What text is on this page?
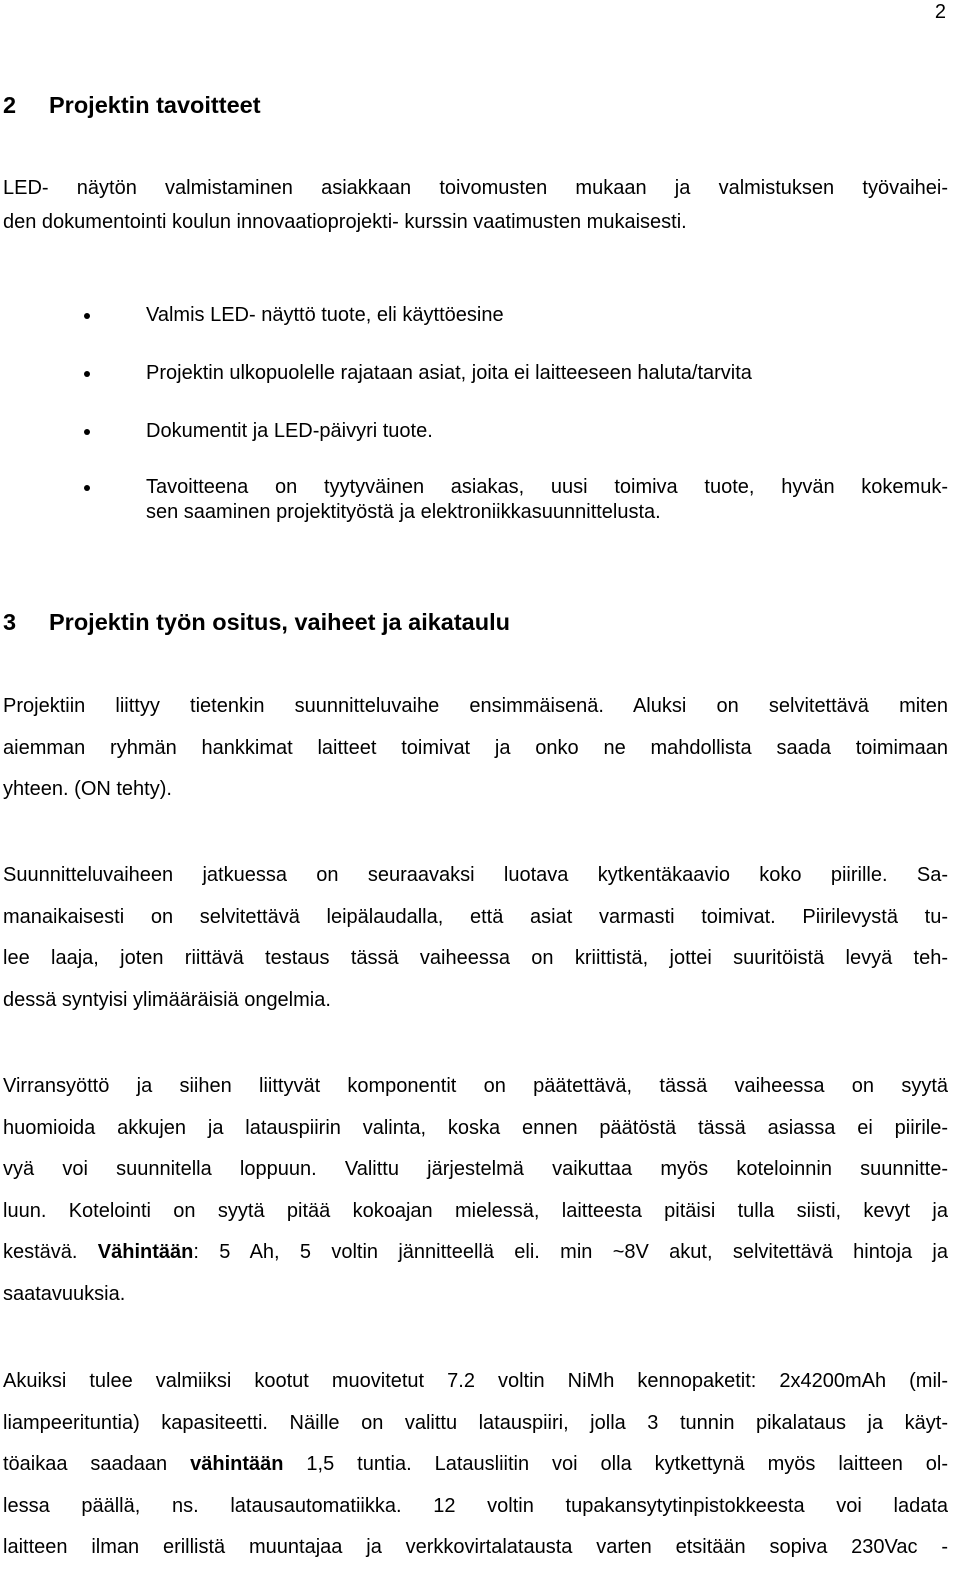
2
2 Projektin tavoitteet

LED- näytön valmistaminen asiakkaan toivomusten mukaan ja valmistuksen työvaihei-
den dokumentointi koulun innovaatioprojekti- kurssin vaatimusten mukaisesti.

Valmis LED- näyttö tuote, eli käyttöesine
Projektin ulkopuolelle rajataan asiat, joita ei laitteeseen haluta/tarvita
Dokumentit ja LED-päivyri tuote.
Tavoitteena on tyytyväinen asiakas, uusi toimiva tuote, hyvän kokemuk-
sen saaminen projektityöstä ja elektroniikkasuunnittelusta.
3 Projektin työn ositus, vaiheet ja aikataulu

Projektiin liittyy tietenkin suunnitteluvaihe ensimmäisenä. Aluksi on selvitettävä miten
aiemman ryhmän hankkimat laitteet toimivat ja onko ne mahdollista saada toimimaan
yhteen. (ON tehty).

Suunnitteluvaiheen jatkuessa on seuraavaksi luotava kytkentäkaavio koko piirille. Sa-
manaikaisesti on selvitettävä leipälaudalla, että asiat varmasti toimivat. Piirilevystä tu-
lee laaja, joten riittävä testaus tässä vaiheessa on kriittistä, jottei suuritöistä levyä teh-
dessä syntyisi ylimääräisiä ongelmia.

Virransyöttö ja siihen liittyvät komponentit on päätettävä, tässä vaiheessa on syytä
huomioida akkujen ja latauspiirin valinta, koska ennen päätöstä tässä asiassa ei piirile-
vyä voi suunnitella loppuun. Valittu järjestelmä vaikuttaa myös koteloinnin suunnitte-
luun. Kotelointi on syytä pitää kokoajan mielessä, laitteesta pitäisi tulla siisti, kevyt ja
kestävä. Vähintään: 5 Ah, 5 voltin jännitteellä eli. min ~8V akut, selvitettävä hintoja ja
saatavuuksia.

Akuiksi tulee valmiiksi kootut muovitetut 7.2 voltin NiMh kennopaketit: 2x4200mAh (mil-
liampeerituntia) kapasiteetti. Näille on valittu latauspiiri, jolla 3 tunnin pikalataus ja käyt-
töaikaa saadaan vähintään 1,5 tuntia. Latausliitin voi olla kytkettynä myös laitteen ol-
lessa päällä, ns. latausautomatiikka. 12 voltin tupakansytytinpistokkeesta voi ladata
laitteen ilman erillistä muuntajaa ja verkkovirtalatausta varten etsitään sopiva 230Vac -
